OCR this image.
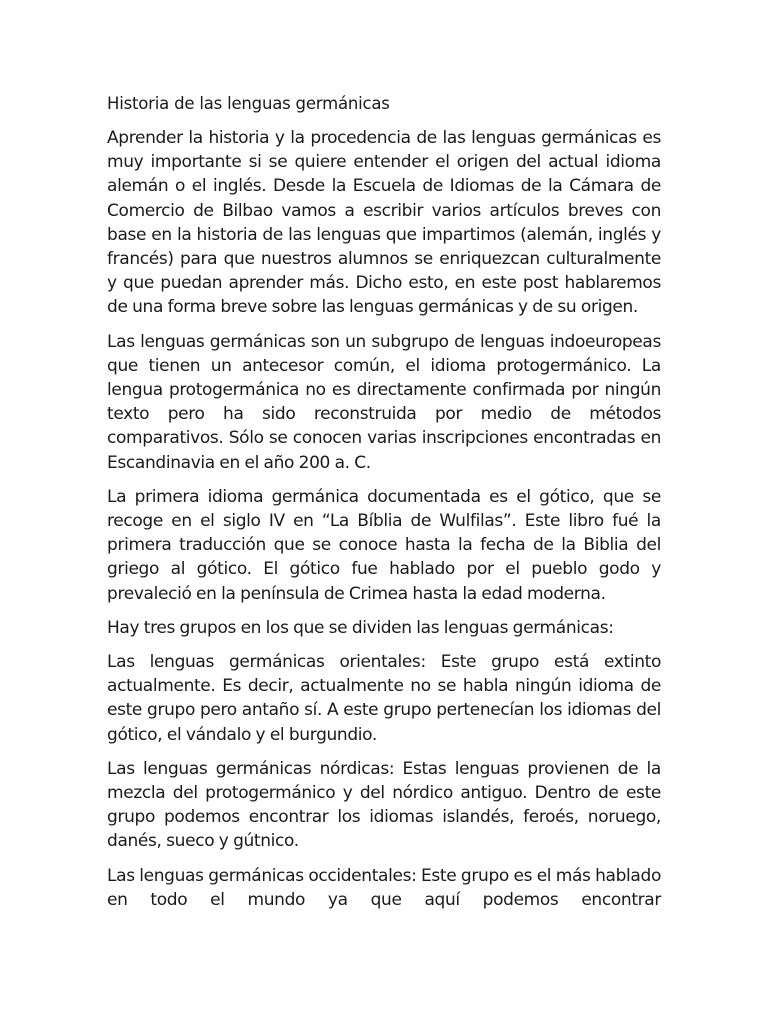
Historia de las lenguas germánicas

Aprender la historia y la procedencia de las lenguas germánicas es muy importante si se quiere entender el origen del actual idioma alemán o el inglés. Desde la Escuela de Idiomas de la Cámara de Comercio de Bilbao vamos a escribir varios artículos breves con base en la historia de las lenguas que impartimos (alemán, inglés y francés) para que nuestros alumnos se enriquezcan culturalmente y que puedan aprender más. Dicho esto, en este post hablaremos de una forma breve sobre las lenguas germánicas y de su origen.

Las lenguas germánicas son un subgrupo de lenguas indoeuropeas que tienen un antecesor común, el idioma protogermánico. La lengua protogermánica no es directamente confirmada por ningún texto pero ha sido reconstruida por medio de métodos comparativos. Sólo se conocen varias inscripciones encontradas en Escandinavia en el año 200 a. C.

La primera idioma germánica documentada es el gótico, que se recoge en el siglo IV en “La Bíblia de Wulfilas”. Este libro fué la primera traducción que se conoce hasta la fecha de la Biblia del griego al gótico. El gótico fue hablado por el pueblo godo y prevaleció en la península de Crimea hasta la edad moderna.

Hay tres grupos en los que se dividen las lenguas germánicas:

Las lenguas germánicas orientales: Este grupo está extinto actualmente. Es decir, actualmente no se habla ningún idioma de este grupo pero antaño sí. A este grupo pertenecían los idiomas del gótico, el vándalo y el burgundio.

Las lenguas germánicas nórdicas: Estas lenguas provienen de la mezcla del protogermánico y del nórdico antiguo. Dentro de este grupo podemos encontrar los idiomas islandés, feroés, noruego, danés, sueco y gútnico.

Las lenguas germánicas occidentales: Este grupo es el más hablado en todo el mundo ya que aquí podemos encontrar
